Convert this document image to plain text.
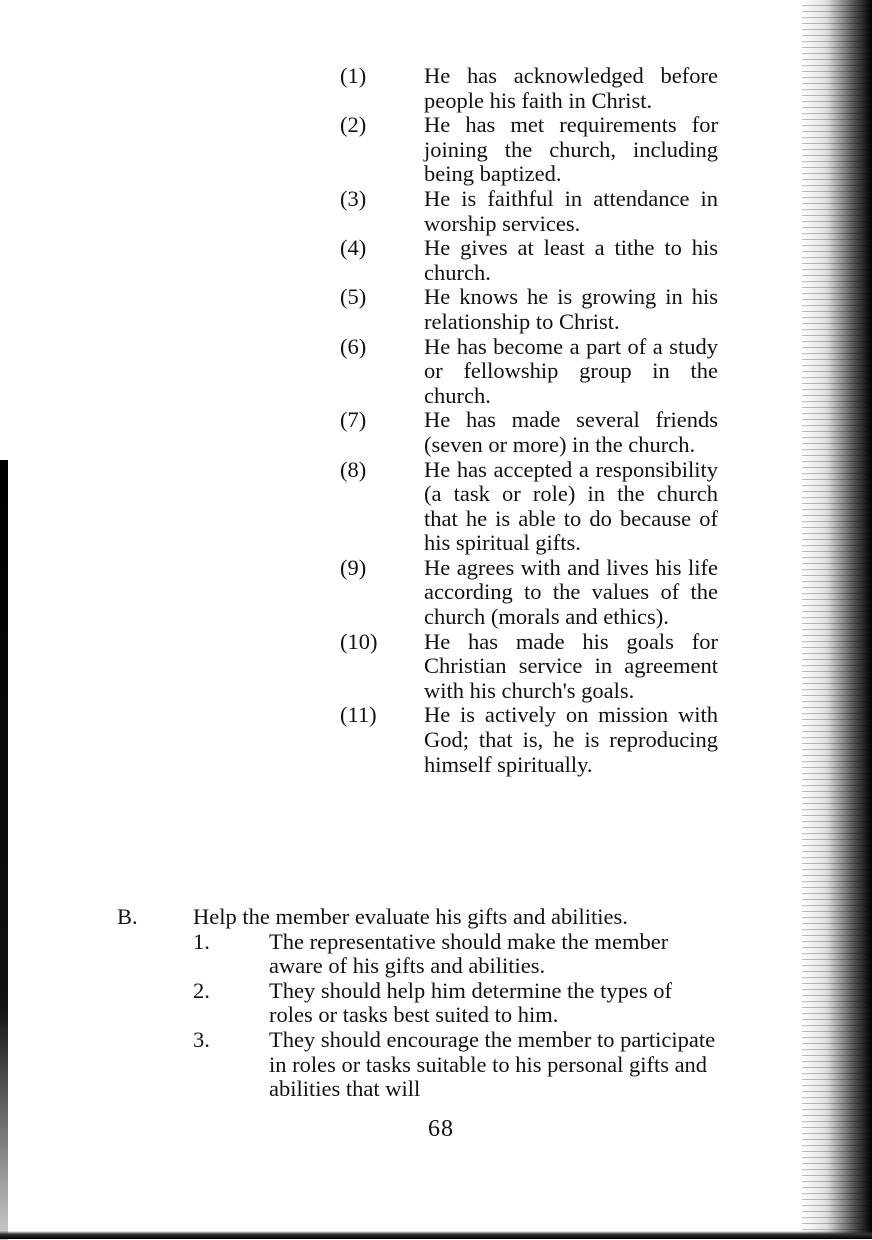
(1)	He has acknowledged before people his faith in Christ.
(2)	He has met requirements for joining the church, including being baptized.
(3)	He is faithful in attendance in worship services.
(4)	He gives at least a tithe to his church.
(5)	He knows he is growing in his relationship to Christ.
(6)	He has become a part of a study or fellowship group in the church.
(7)	He has made several friends (seven or more) in the church.
(8)	He has accepted a responsibility (a task or role) in the church that he is able to do because of his spiritual gifts.
(9)	He agrees with and lives his life according to the values of the church (morals and ethics).
(10)	He has made his goals for Christian service in agreement with his church's goals.
(11)	He is actively on mission with God; that is, he is reproducing himself spiritually.
B.	Help the member evaluate his gifts and abilities.
1.	The representative should make the member aware of his gifts and abilities.
2.	They should help him determine the types of roles or tasks best suited to him.
3.	They should encourage the member to participate in roles or tasks suitable to his personal gifts and abilities that will
68
